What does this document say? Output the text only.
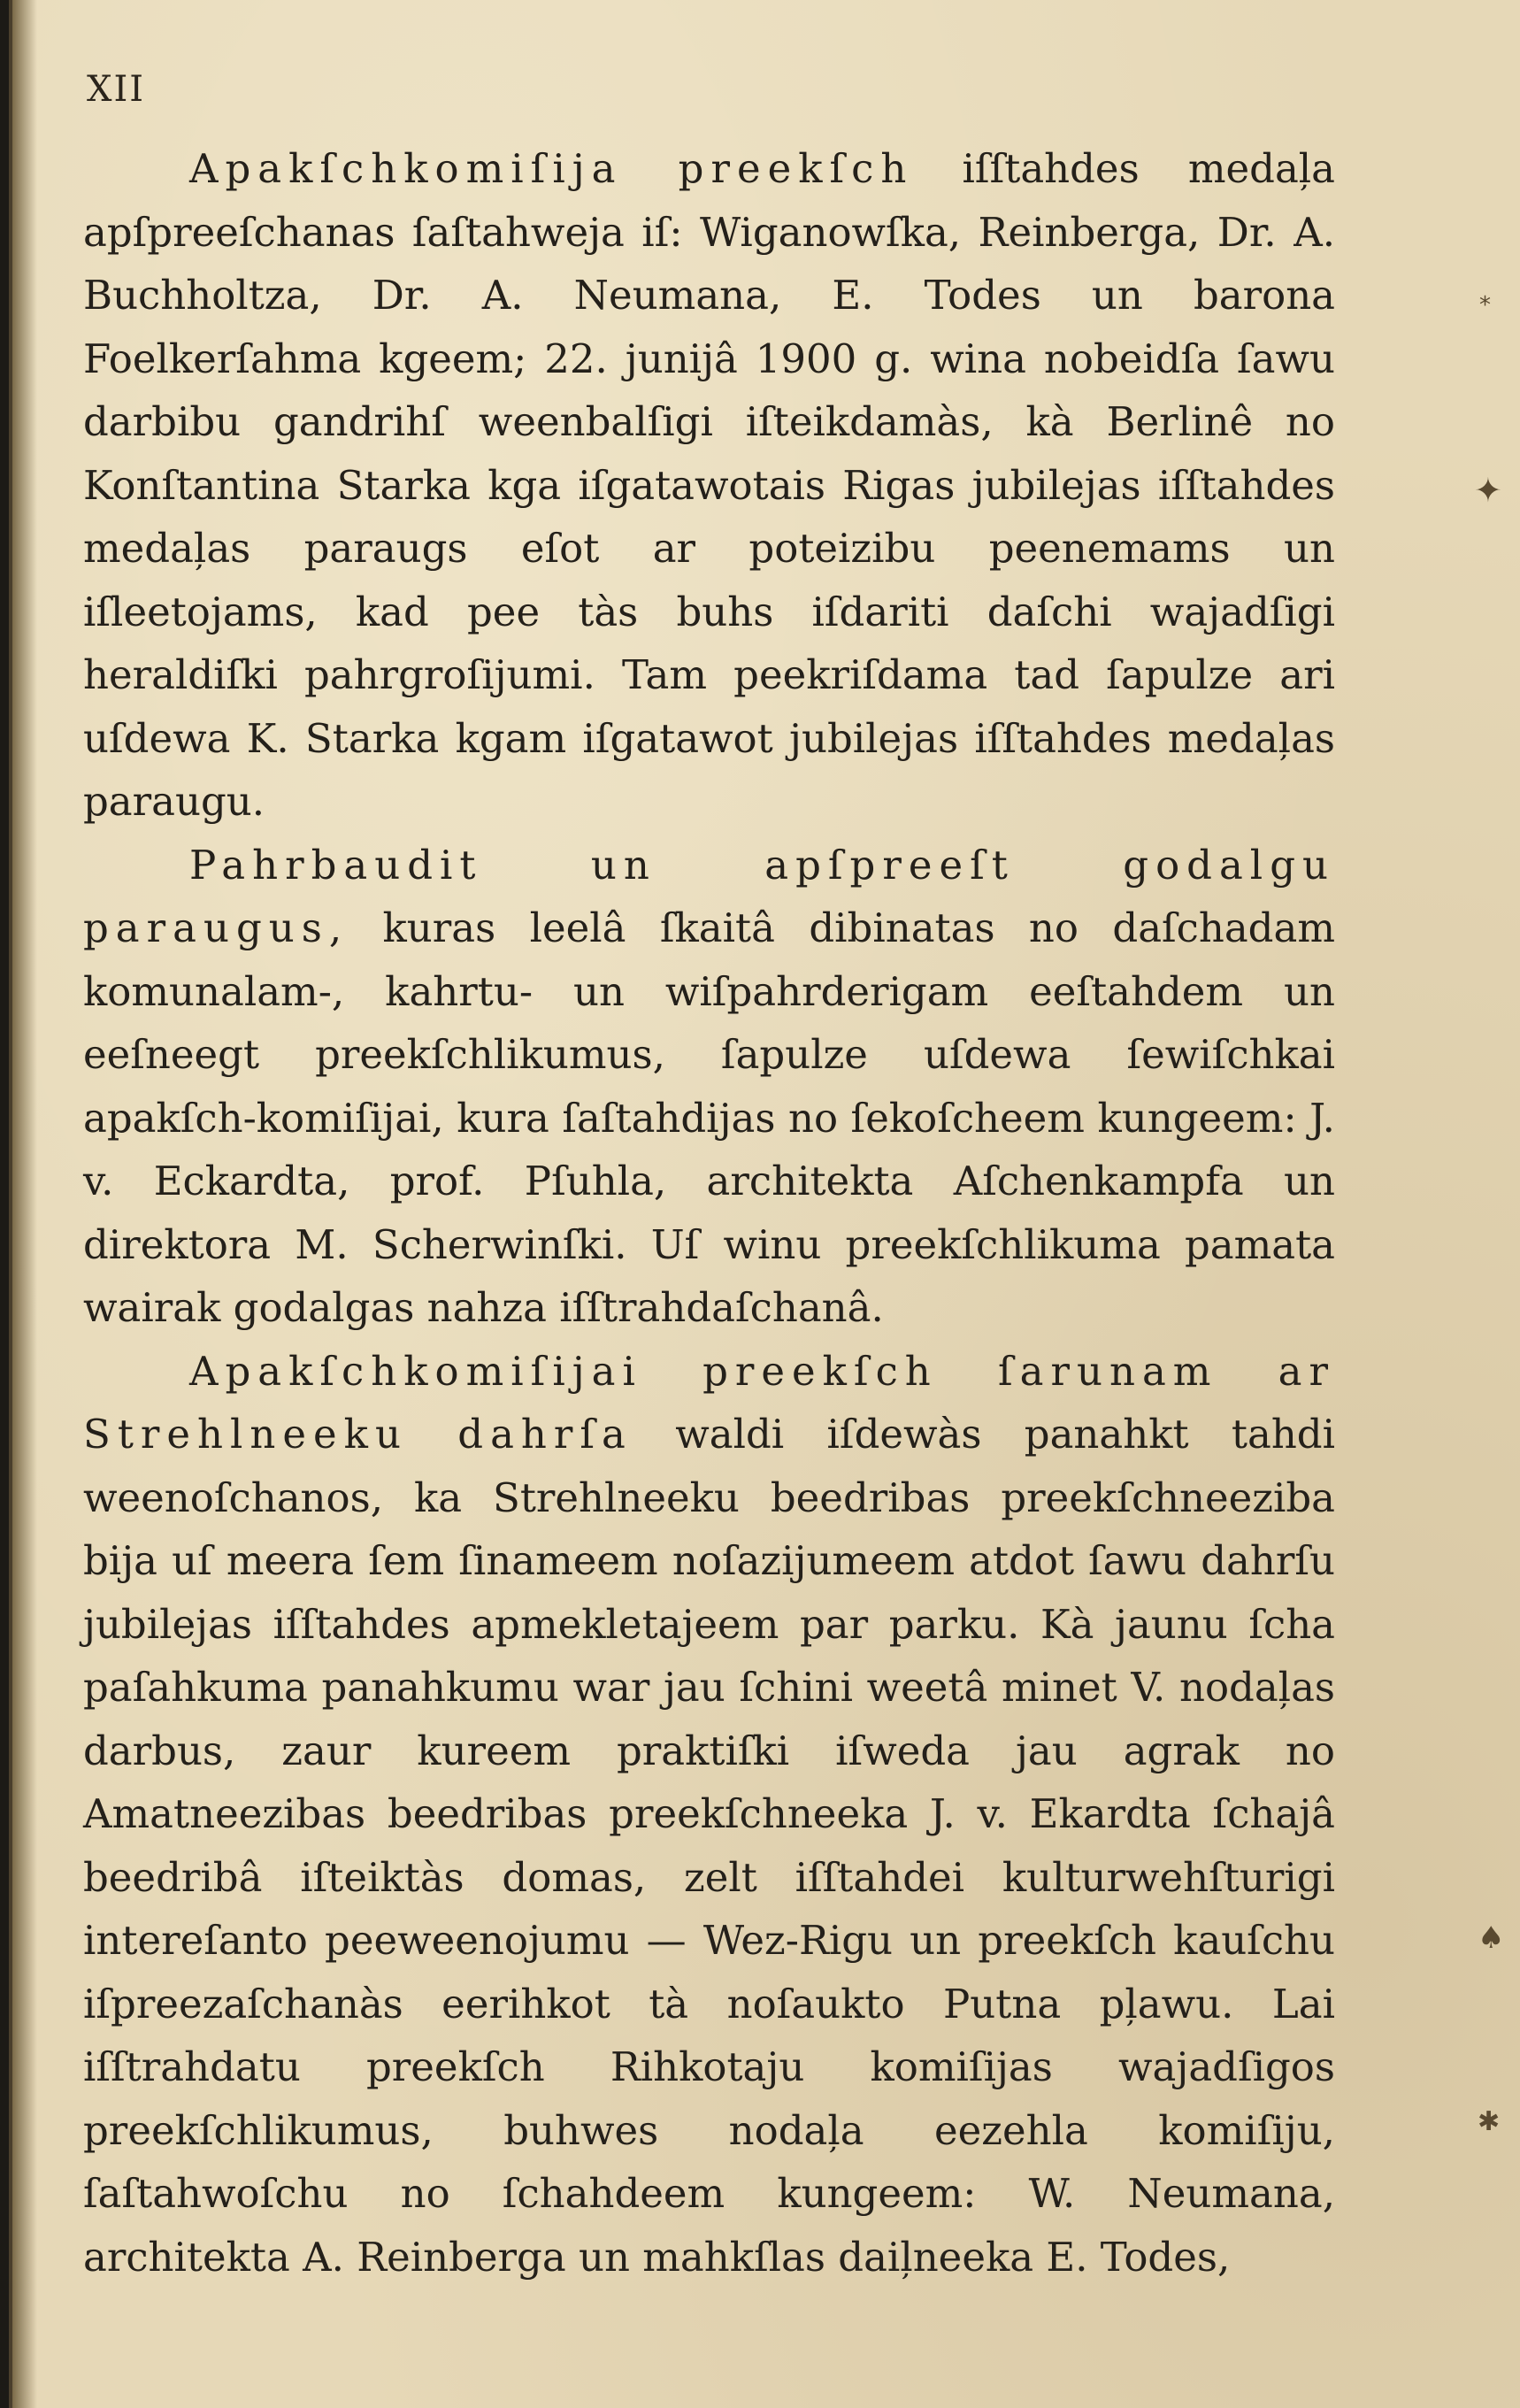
XII

Apakſchkomiſija preekſch iſſtahdes medaļa apſpreeſchanas ſaſtahweja iſ: Wiganowſka, Reinberga, Dr. A. Buchholtza, Dr. A. Neumana, E. Todes un barona Foelkerſahma kgeem; 22. junijâ 1900 g. wina nobeidſa ſawu darbibu gandrihſ weenbalſigi iſteikdamàs, kà Berlinê no Konſtantina Starka kga iſgatawotais Rigas jubilejas iſſtahdes medaļas paraugs eſot ar poteizibu peenemams un iſleetojams, kad pee tàs buhs iſdariti daſchi wajadſigi heraldiſki pahrgroſijumi. Tam peekriſdama tad ſapulze ari uſdewa K. Starka kgam iſgatawot jubilejas iſſtahdes medaļas paraugu.

Pahrbaudit un apſpreeſt godalgu paraugus, kuras leelâ ſkaitâ dibinatas no daſchadam komunalam-, kahrtu- un wiſpahrderigam eeſtahdem un eeſneegt preekſchlikumus, ſapulze uſdewa ſewiſchkai apakſch-komiſijai, kura ſaſtahdijas no ſekoſcheem kungeem: J. v. Eckardta, prof. Pſuhla, architekta Aſchenkampfa un direktora M. Scherwinſki. Uſ winu preekſchlikuma pamata wairak godalgas nahza iſſtrahdaſchanâ.

Apakſchkomiſijai preekſch ſarunam ar Strehlneeku dahrſa waldi iſdewàs panahkt tahdi weenoſchanos, ka Strehlneeku beedribas preekſchneeziba bija uſ meera ſem ſinameem noſazijumeem atdot ſawu dahrſu jubilejas iſſtahdes apmekletajeem par parku. Kà jaunu ſcha paſahkuma panahkumu war jau ſchini weetâ minet V. nodaļas darbus, zaur kureem praktiſki iſweda jau agrak no Amatneezibas beedribas preekſchneeka J. v. Ekardta ſchajâ beedribâ iſteiktàs domas, zelt iſſtahdei kulturwehſturigi intereſanto peeweenojumu — Wez-Rigu un preekſch kauſchu iſpreezaſchanàs eerihkot tà noſaukto Putna pļawu. Lai iſſtrahdatu preekſch Rihkotaju komiſijas wajadſigos preekſchlikumus, buhwes nodaļa eezehla komiſiju, ſaſtahwoſchu no ſchahdeem kungeem: W. Neumana, architekta A. Reinberga un mahkſlas daiļneeka E. Todes,

⁎
✦
♠
✱
